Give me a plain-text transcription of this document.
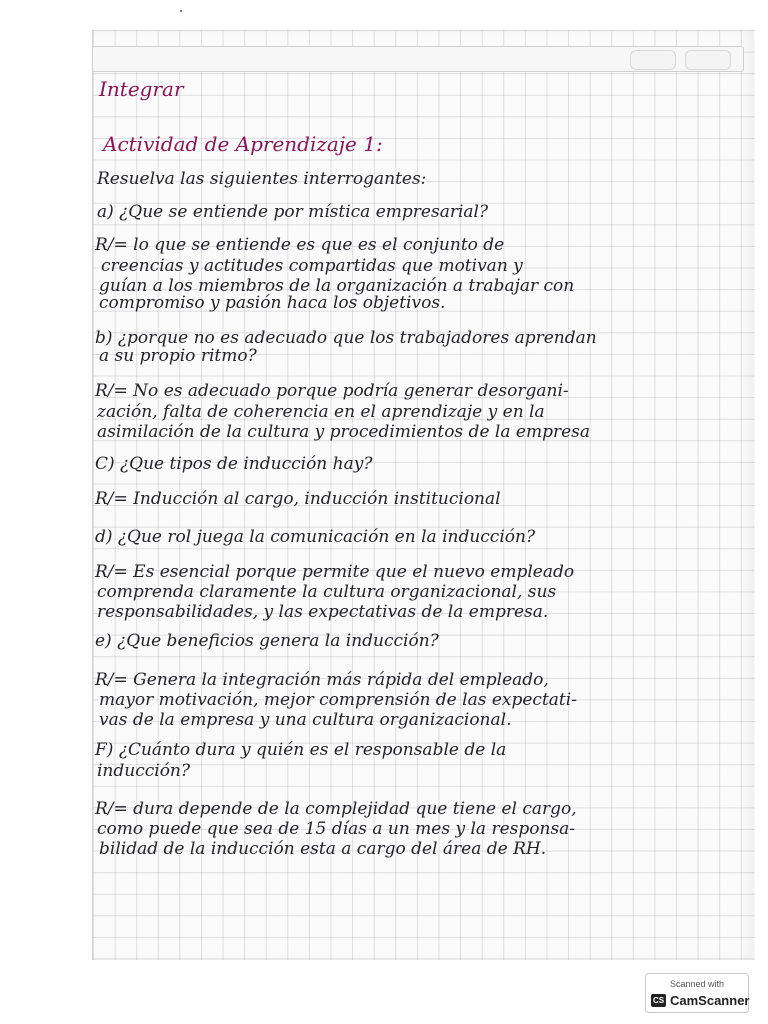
Integrar
Actividad de Aprendizaje 1:
Resuelva las siguientes interrogantes:
a) ¿Que se entiende por mística empresarial?
R/= lo que se entiende es que es el conjunto de
creencias y actitudes compartidas que motivan y
guían a los miembros de la organización a trabajar con
compromiso y pasión haca los objetivos.
b) ¿porque no es adecuado que los trabajadores aprendan
a su propio ritmo?
R/= No es adecuado porque podría generar desorgani-
zación, falta de coherencia en el aprendizaje y en la
asimilación de la cultura y procedimientos de la empresa
C) ¿Que tipos de inducción hay?
R/= Inducción al cargo, inducción institucional
d) ¿Que rol juega la comunicación en la inducción?
R/= Es esencial porque permite que el nuevo empleado
comprenda claramente la cultura organizacional, sus
responsabilidades, y las expectativas de la empresa.
e) ¿Que beneficios genera la inducción?
R/= Genera la integración más rápida del empleado,
mayor motivación, mejor comprensión de las expectati-
vas de la empresa y una cultura organizacional.
F) ¿Cuánto dura y quién es el responsable de la
inducción?
R/= dura depende de la complejidad que tiene el cargo,
como puede que sea de 15 días a un mes y la responsa-
bilidad de la inducción esta a cargo del área de RH.
Scanned with
CS CamScanner
